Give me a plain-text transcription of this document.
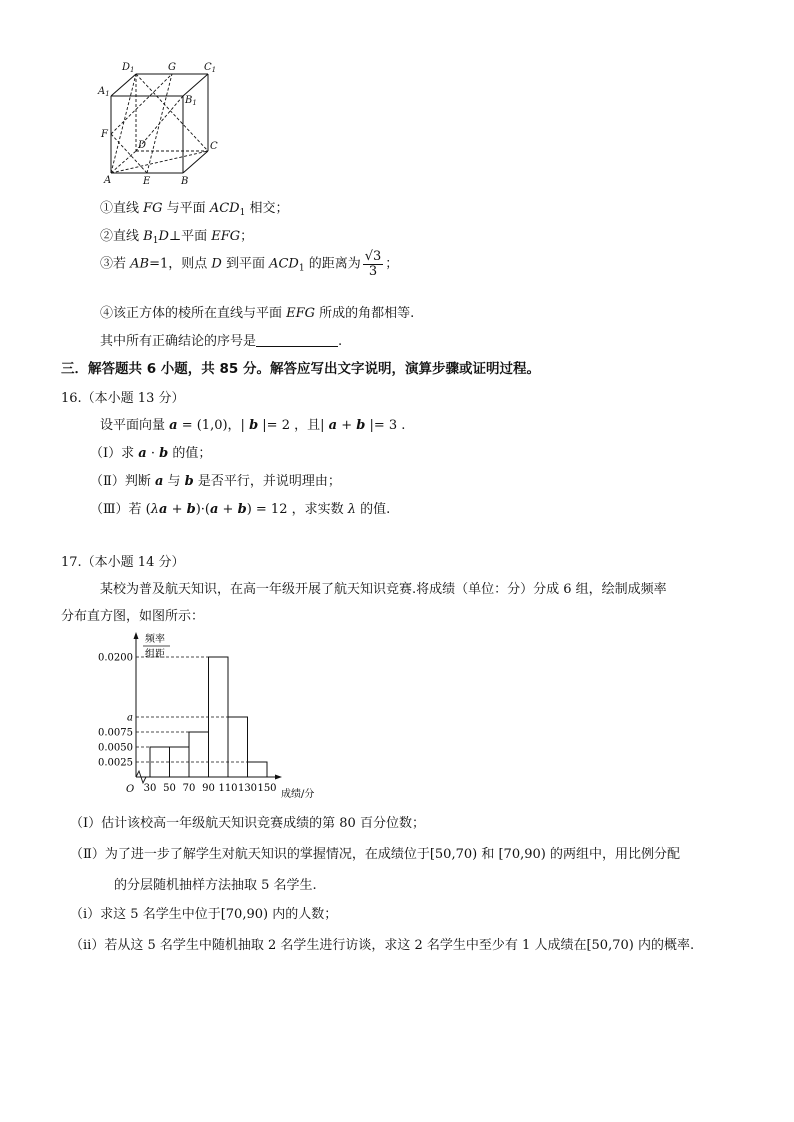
$D_1$	G	$C_1$
$A_1$
$B_1$
F
D	C
A	E	B
①直线 FG 与平面 $ACD_1$ 相交；
②直线 $B_1D\perp$平面 EFG；
③若 AB=1，则点 D 到平面 $ACD_1$ 的距离为 $\frac{√3}{3}$ ；
④该正方体的棱所在直线与平面 EFG 所成的角都相等.
其中所有正确结论的序号是	.
三．解答题共 6 小题，共 85 分。解答应写出文字说明，演算步骤或证明过程。
16.（本小题 13 分）
设平面向量 a = (1,0)，| b |= 2 ，且| a + b |= 3 .
（Ⅰ）求 a · b 的值；
（Ⅱ）判断 a 与 b 是否平行，并说明理由；
（Ⅲ）若 (λa + b)·(a + b) = 12 ，求实数 λ 的值.
17.（本小题 14 分）
某校为普及航天知识，在高一年级开展了航天知识竞赛.将成绩（单位：分）分成 6 组，绘制成频率
分布直方图，如图所示：
频率
组距
O	成绩/分
0.0200
a
0.0075
0.0050
0.0025
30 50 70 90 110 130 150
（Ⅰ）估计该校高一年级航天知识竞赛成绩的第 80 百分位数；
（Ⅱ）为了进一步了解学生对航天知识的掌握情况，在成绩位于[50,70) 和 [70,90) 的两组中，用比例分配
的分层随机抽样方法抽取 5 名学生.
（i）求这 5 名学生中位于[70,90) 内的人数；
（ii）若从这 5 名学生中随机抽取 2 名学生进行访谈，求这 2 名学生中至少有 1 人成绩在[50,70) 内的概率.
